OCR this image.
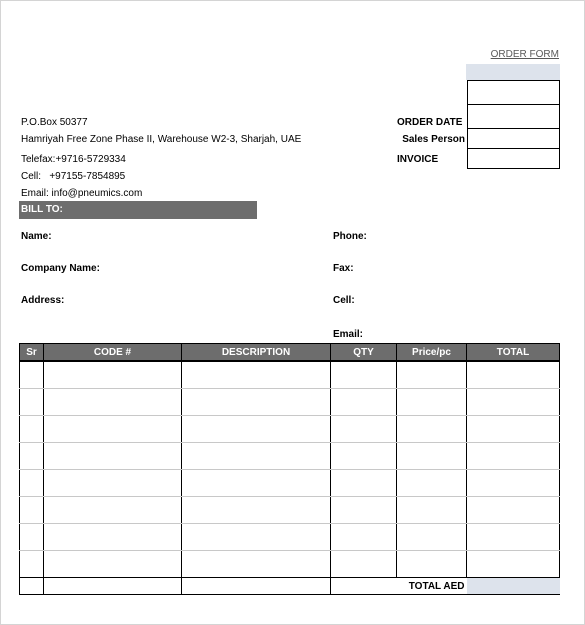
ORDER FORM
ORDER DATE
Sales Person
INVOICE
P.O.Box 50377
Hamriyah Free Zone Phase II, Warehouse W2-3, Sharjah, UAE
Telefax:+9716-5729334
Cell:   +97155-7854895
Email: info@pneumics.com
BILL TO:
Name:
Company Name:
Address:
Phone:
Fax:
Cell:
Email:
Sr	CODE #	DESCRIPTION	QTY	Price/pc	TOTAL

			TOTAL AED		
